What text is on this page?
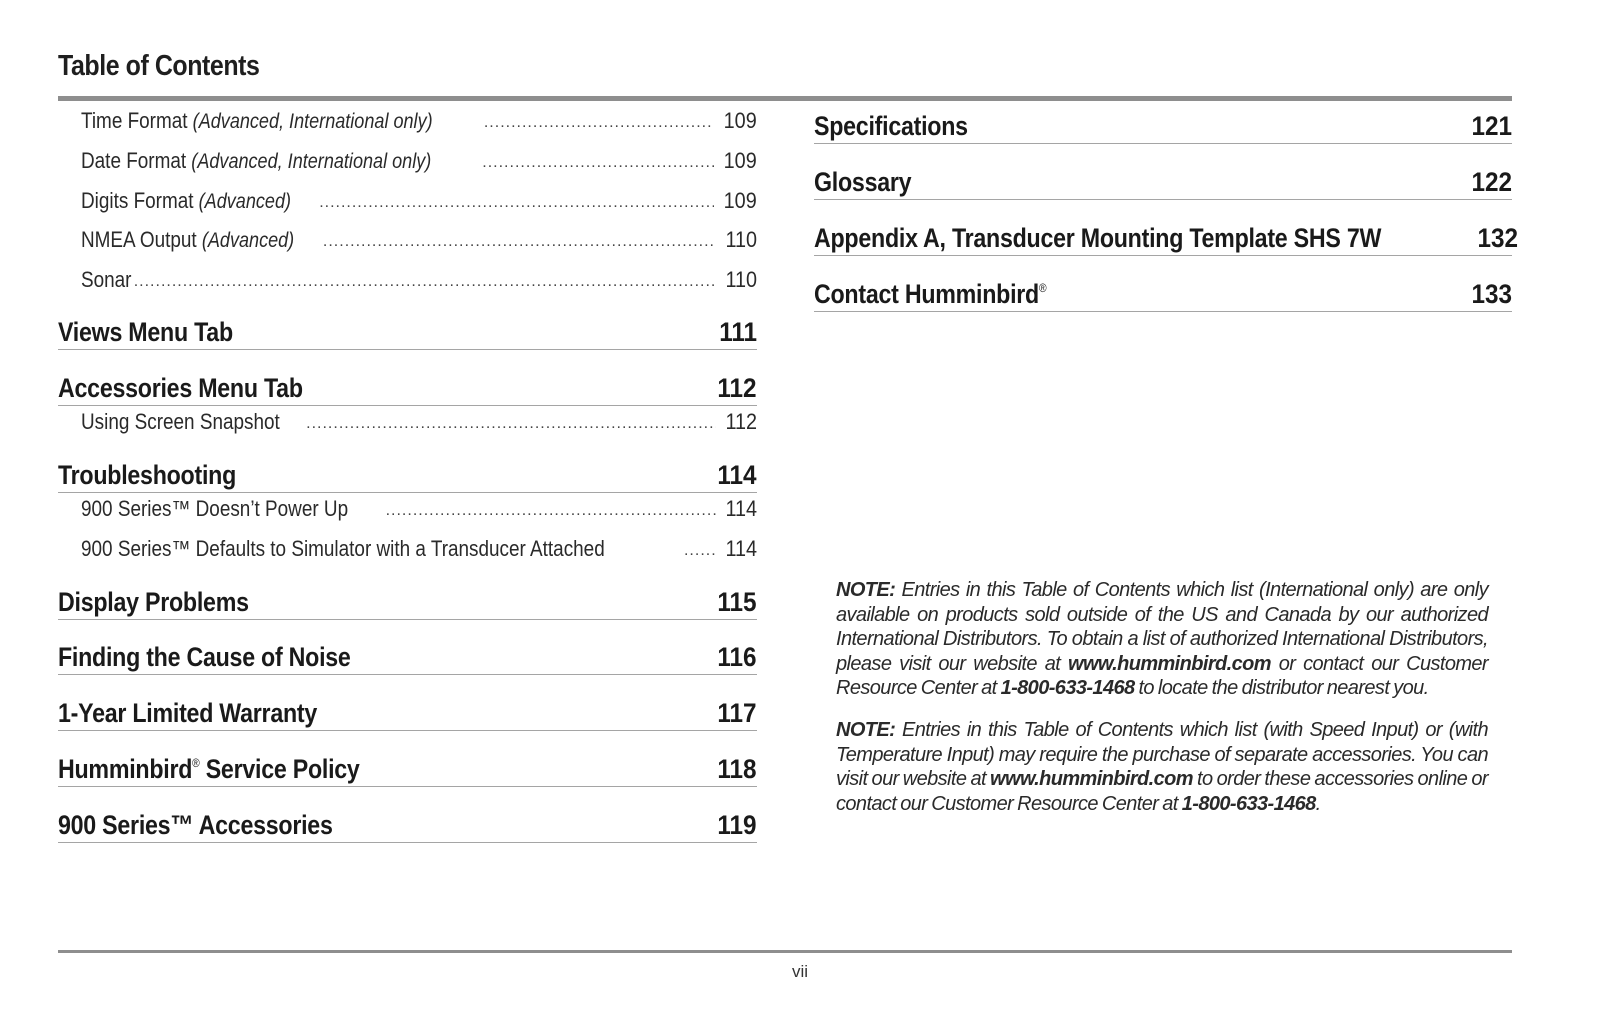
Table of Contents
Time Format (Advanced, International only) .....	109
Date Format (Advanced, International only) .....	109
Digits Format (Advanced) .....	109
NMEA Output (Advanced) .....	110
Sonar .....	110
Views Menu Tab	111
Accessories Menu Tab	112
Using Screen Snapshot .....	112
Troubleshooting	114
900 Series™ Doesn’t Power Up .....	114
900 Series™ Defaults to Simulator with a Transducer Attached .....	114
Display Problems	115
Finding the Cause of Noise	116
1-Year Limited Warranty	117
Humminbird® Service Policy	118
900 Series™ Accessories	119
Specifications	121
Glossary	122
Appendix A, Transducer Mounting Template SHS 7W	132
Contact Humminbird®	133
NOTE: Entries in this Table of Contents which list (International only) are only available on products sold outside of the US and Canada by our authorized International Distributors. To obtain a list of authorized International Distributors, please visit our website at www.humminbird.com or contact our Customer Resource Center at 1-800-633-1468 to locate the distributor nearest you.
NOTE: Entries in this Table of Contents which list (with Speed Input) or (with Temperature Input) may require the purchase of separate accessories. You can visit our website at www.humminbird.com to order these accessories online or contact our Customer Resource Center at 1-800-633-1468.
vii
